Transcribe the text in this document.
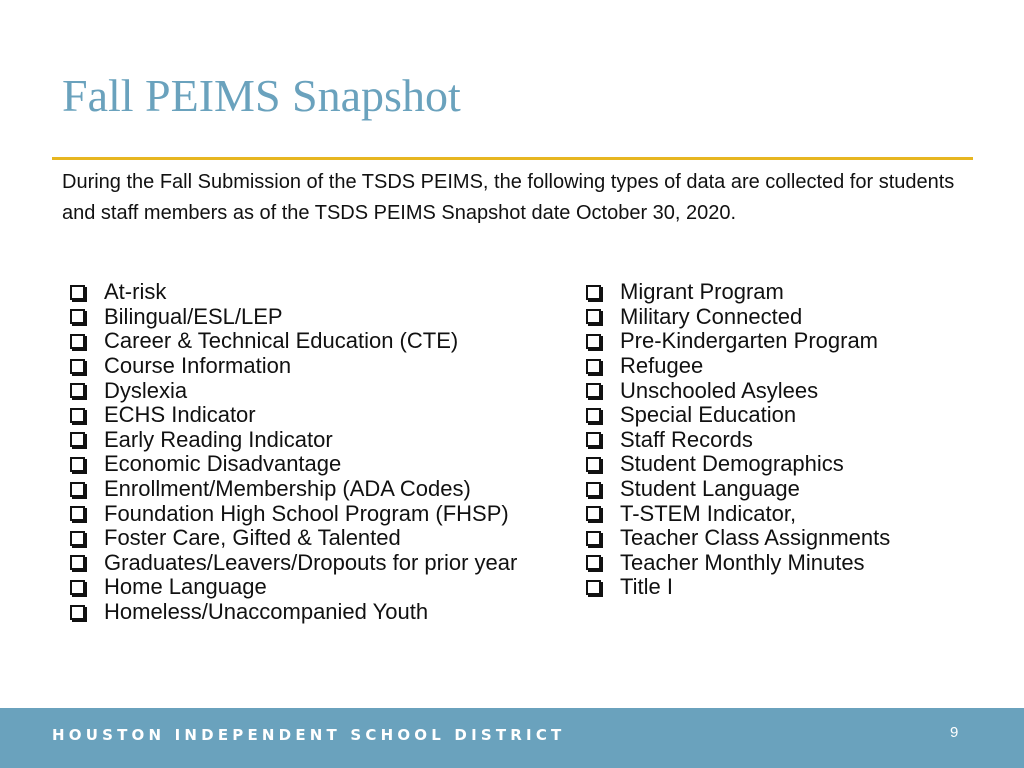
Fall PEIMS Snapshot

During the Fall Submission of the TSDS PEIMS, the following types of data are collected for students and staff members as of the TSDS PEIMS Snapshot date October 30, 2020.

At-risk
Bilingual/ESL/LEP
Career & Technical Education (CTE)
Course Information
Dyslexia
ECHS Indicator
Early Reading Indicator
Economic Disadvantage
Enrollment/Membership (ADA Codes)
Foundation High School Program (FHSP)
Foster Care, Gifted & Talented
Graduates/Leavers/Dropouts for prior year
Home Language
Homeless/Unaccompanied Youth
Migrant Program
Military Connected
Pre-Kindergarten Program
Refugee
Unschooled Asylees
Special Education
Staff Records
Student Demographics
Student Language
T-STEM Indicator,
Teacher Class Assignments
Teacher Monthly Minutes
Title I
HOUSTON INDEPENDENT SCHOOL DISTRICT	9
